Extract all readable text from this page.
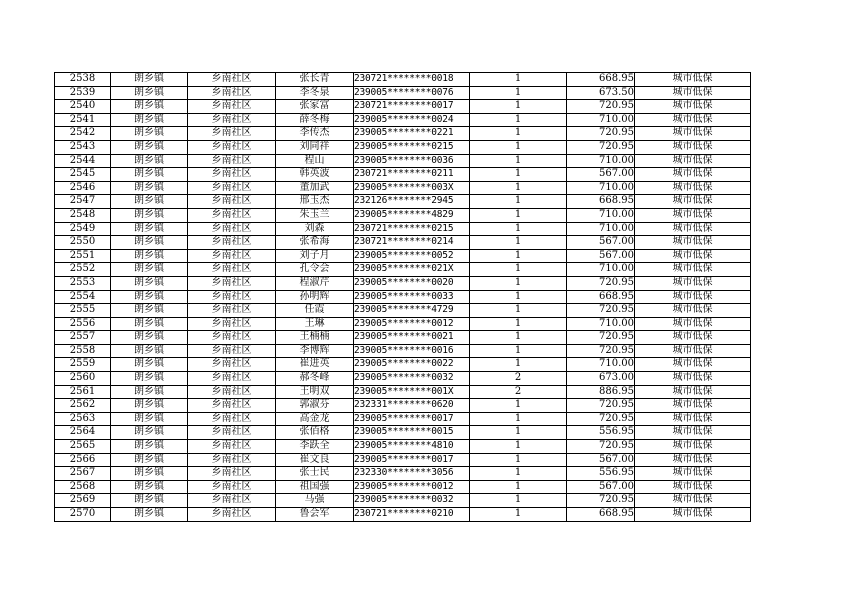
2538	朗乡镇	乡南社区	张长青	230721********0018	1	668.95	城市低保
2539	朗乡镇	乡南社区	李冬泉	239005********0076	1	673.50	城市低保
2540	朗乡镇	乡南社区	张家富	230721********0017	1	720.95	城市低保
2541	朗乡镇	乡南社区	薛冬梅	239005********0024	1	710.00	城市低保
2542	朗乡镇	乡南社区	李传杰	239005********0221	1	720.95	城市低保
2543	朗乡镇	乡南社区	刘同祥	239005********0215	1	720.95	城市低保
2544	朗乡镇	乡南社区	程山	239005********0036	1	710.00	城市低保
2545	朗乡镇	乡南社区	韩英波	230721********0211	1	567.00	城市低保
2546	朗乡镇	乡南社区	董加武	239005********003X	1	710.00	城市低保
2547	朗乡镇	乡南社区	邢玉杰	232126********2945	1	668.95	城市低保
2548	朗乡镇	乡南社区	朱玉兰	239005********4829	1	710.00	城市低保
2549	朗乡镇	乡南社区	刘森	230721********0215	1	710.00	城市低保
2550	朗乡镇	乡南社区	张希海	230721********0214	1	567.00	城市低保
2551	朗乡镇	乡南社区	刘子月	239005********0052	1	567.00	城市低保
2552	朗乡镇	乡南社区	孔令会	239005********021X	1	710.00	城市低保
2553	朗乡镇	乡南社区	程淑芹	239005********0020	1	720.95	城市低保
2554	朗乡镇	乡南社区	孙明辉	239005********0033	1	668.95	城市低保
2555	朗乡镇	乡南社区	任霞	239005********4729	1	720.95	城市低保
2556	朗乡镇	乡南社区	王琳	239005********0012	1	710.00	城市低保
2557	朗乡镇	乡南社区	王楠楠	239005********0021	1	720.95	城市低保
2558	朗乡镇	乡南社区	李博辉	239005********0016	1	720.95	城市低保
2559	朗乡镇	乡南社区	崔进英	239005********0022	1	710.00	城市低保
2560	朗乡镇	乡南社区	郝冬峰	239005********0032	2	673.00	城市低保
2561	朗乡镇	乡南社区	王明双	239005********001X	2	886.95	城市低保
2562	朗乡镇	乡南社区	郭淑芬	232331********0620	1	720.95	城市低保
2563	朗乡镇	乡南社区	高金龙	239005********0017	1	720.95	城市低保
2564	朗乡镇	乡南社区	张佰格	239005********0015	1	556.95	城市低保
2565	朗乡镇	乡南社区	李跃全	239005********4810	1	720.95	城市低保
2566	朗乡镇	乡南社区	崔文良	239005********0017	1	567.00	城市低保
2567	朗乡镇	乡南社区	张士民	232330********3056	1	556.95	城市低保
2568	朗乡镇	乡南社区	祖国强	239005********0012	1	567.00	城市低保
2569	朗乡镇	乡南社区	马强	239005********0032	1	720.95	城市低保
2570	朗乡镇	乡南社区	鲁会军	230721********0210	1	668.95	城市低保
